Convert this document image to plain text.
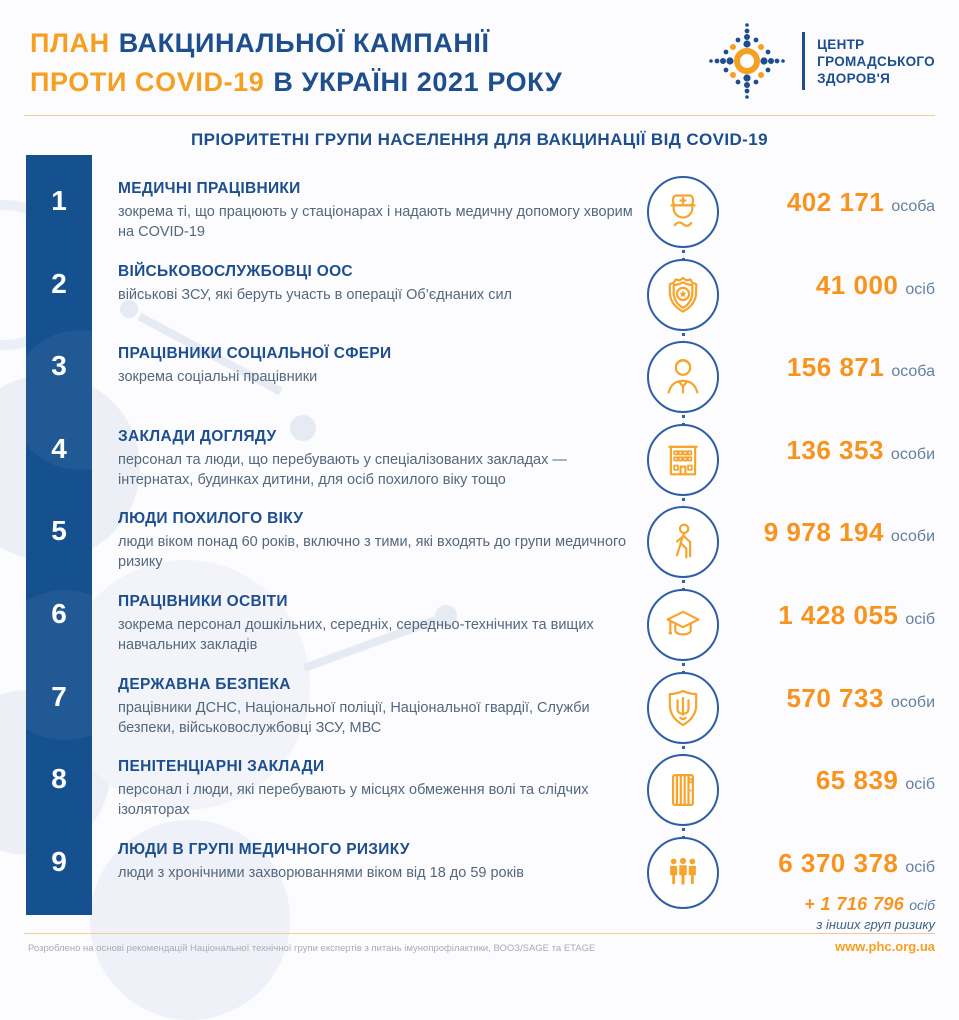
ПЛАН ВАКЦИНАЛЬНОЇ КАМПАНІЇ
ПРОТИ COVID-19 В УКРАЇНІ 2021 РОКУ
ЦЕНТР
ГРОМАДСЬКОГО
ЗДОРОВ'Я
ПРІОРИТЕТНІ ГРУПИ НАСЕЛЕННЯ ДЛЯ ВАКЦИНАЦІЇ ВІД COVID-19
1	МЕДИЧНІ ПРАЦІВНИКИ
зокрема ті, що працюють у стаціонарах і надають медичну допомогу хворим на COVID-19
402 171 особа
2	ВІЙСЬКОВОСЛУЖБОВЦІ ООС
військові ЗСУ, які беруть участь в операції Об’єднаних сил	41 000 осіб
3	ПРАЦІВНИКИ СОЦІАЛЬНОЇ СФЕРИ
зокрема соціальні працівники	156 871 особа
4	ЗАКЛАДИ ДОГЛЯДУ
персонал та люди, що перебувають у спеціалізованих закладах — інтернатах, будинках дитини, для осіб похилого віку тощо
136 353 особи
5	ЛЮДИ ПОХИЛОГО ВІКУ
люди віком понад 60 років, включно з тими, які входять до групи медичного ризику
9 978 194 особи
6	ПРАЦІВНИКИ ОСВІТИ
зокрема персонал дошкільних, середніх, середньо-технічних та вищих навчальних закладів
1 428 055 осіб
7	ДЕРЖАВНА БЕЗПЕКА
працівники ДСНС, Національної поліції, Національної гвардії, Служби безпеки, військовослужбовці ЗСУ, МВС
570 733 особи
8	ПЕНІТЕНЦІАРНІ ЗАКЛАДИ
персонал і люди, які перебувають у місцях обмеження волі та слідчих ізоляторах
65 839 осіб
9	ЛЮДИ В ГРУПІ МЕДИЧНОГО РИЗИКУ
люди з хронічними захворюваннями віком від 18 до 59 років	6 370 378 осіб
+ 1 716 796 осіб
з інших груп ризику
Розроблено на основі рекомендацій Національної технічної групи експертів з питань імунопрофілактики, ВООЗ/SAGE та ETAGE	www.phc.org.ua
